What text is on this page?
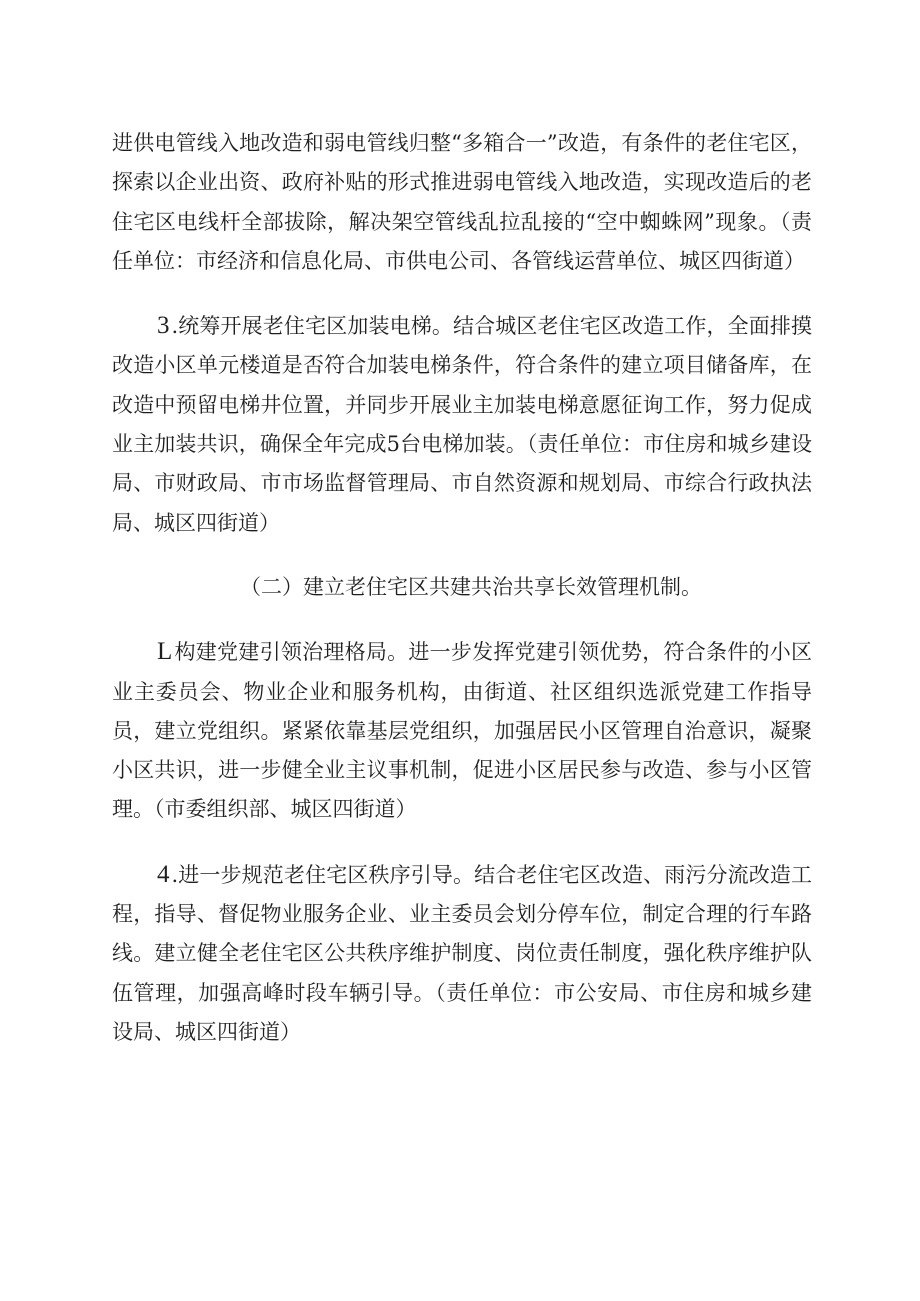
进供电管线入地改造和弱电管线归整“多箱合一”改造，有条件的老住宅区，探索以企业出资、政府补贴的形式推进弱电管线入地改造，实现改造后的老住宅区电线杆全部拔除，解决架空管线乱拉乱接的“空中蜘蛛网”现象。（责任单位：市经济和信息化局、市供电公司、各管线运营单位、城区四街道）

3.统筹开展老住宅区加装电梯。结合城区老住宅区改造工作，全面排摸改造小区单元楼道是否符合加装电梯条件，符合条件的建立项目储备库，在改造中预留电梯井位置，并同步开展业主加装电梯意愿征询工作，努力促成业主加装共识，确保全年完成5台电梯加装。（责任单位：市住房和城乡建设局、市财政局、市市场监督管理局、市自然资源和规划局、市综合行政执法局、城区四街道）

（二）建立老住宅区共建共治共享长效管理机制。

L构建党建引领治理格局。进一步发挥党建引领优势，符合条件的小区业主委员会、物业企业和服务机构，由街道、社区组织选派党建工作指导员，建立党组织。紧紧依靠基层党组织，加强居民小区管理自治意识，凝聚小区共识，进一步健全业主议事机制，促进小区居民参与改造、参与小区管理。（市委组织部、城区四街道）

4.进一步规范老住宅区秩序引导。结合老住宅区改造、雨污分流改造工程，指导、督促物业服务企业、业主委员会划分停车位，制定合理的行车路线。建立健全老住宅区公共秩序维护制度、岗位责任制度，强化秩序维护队伍管理，加强高峰时段车辆引导。（责任单位：市公安局、市住房和城乡建设局、城区四街道）
